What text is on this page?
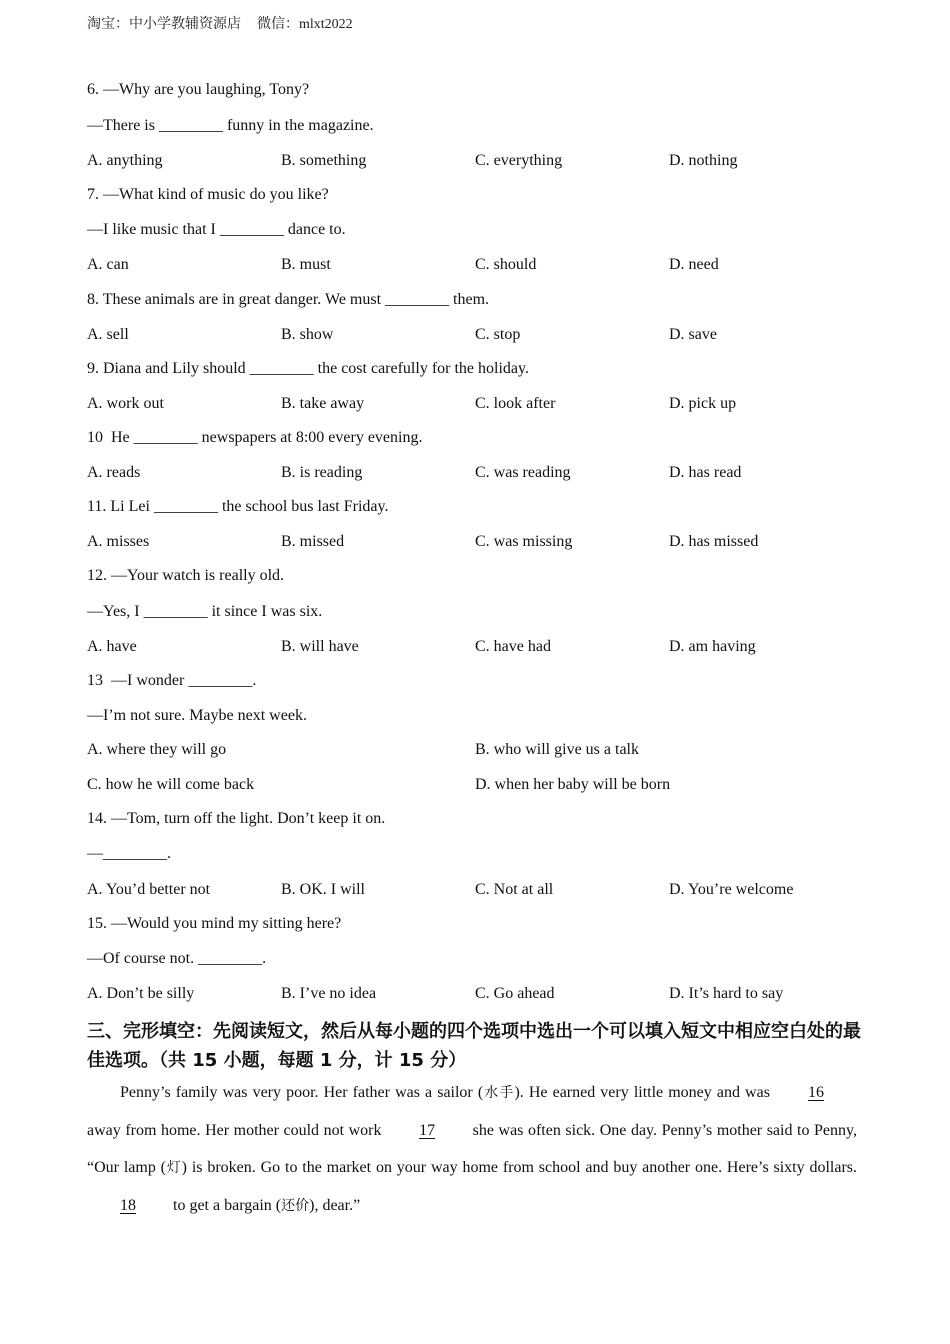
淘宝：中小学教辅资源店 微信：mlxt2022
6. —Why are you laughing, Tony?
—There is ________ funny in the magazine.
A. anything	B. something	C. everything	D. nothing
7. —What kind of music do you like?
—I like music that I ________ dance to.
A. can	B. must	C. should	D. need
8. These animals are in great danger. We must ________ them.
A. sell	B. show	C. stop	D. save
9. Diana and Lily should ________ the cost carefully for the holiday.
A. work out	B. take away	C. look after	D. pick up
10  He ________ newspapers at 8:00 every evening.
A. reads	B. is reading	C. was reading	D. has read
11. Li Lei ________ the school bus last Friday.
A. misses	B. missed	C. was missing	D. has missed
12. —Your watch is really old.
—Yes, I ________ it since I was six.
A. have	B. will have	C. have had	D. am having
13  —I wonder ________.
—I’m not sure. Maybe next week.
A. where they will go	B. who will give us a talk
C. how he will come back	D. when her baby will be born
14. —Tom, turn off the light. Don’t keep it on.
—________.
A. You’d better not	B. OK. I will	C. Not at all	D. You’re welcome
15. —Would you mind my sitting here?
—Of course not. ________.
A. Don’t be silly	B. I’ve no idea	C. Go ahead	D. It’s hard to say
三、完形填空：先阅读短文，然后从每小题的四个选项中选出一个可以填入短文中相应空白处的最佳选项。（共 15 小题，每题 1 分，计 15 分）
Penny’s family was very poor. Her father was a sailor (水手). He earned very little money and was 16 away from home. Her mother could not work 17 she was often sick. One day. Penny’s mother said to Penny, “Our lamp (灯) is broken. Go to the market on your way home from school and buy another one. Here’s sixty dollars. 18 to get a bargain (还价), dear.”
